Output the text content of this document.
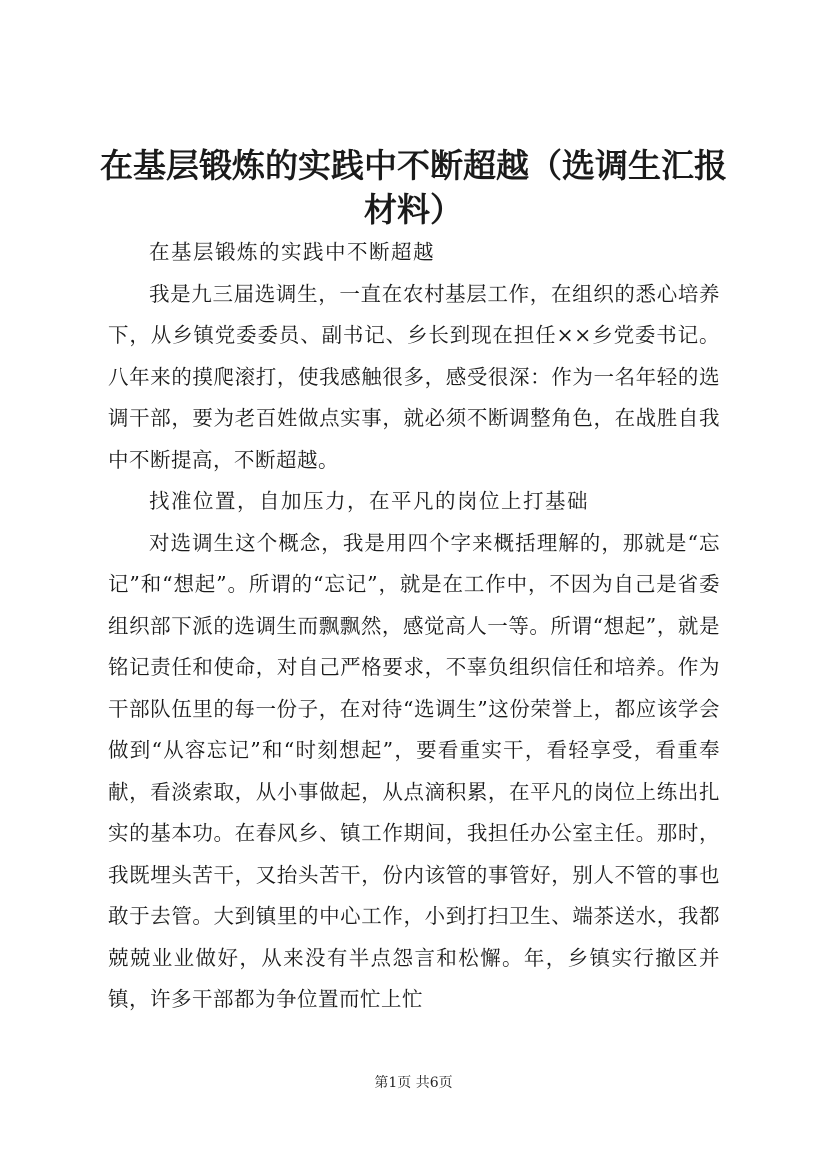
在基层锻炼的实践中不断超越（选调生汇报材料）

在基层锻炼的实践中不断超越

我是九三届选调生，一直在农村基层工作，在组织的悉心培养下，从乡镇党委委员、副书记、乡长到现在担任××乡党委书记。八年来的摸爬滚打，使我感触很多，感受很深：作为一名年轻的选调干部，要为老百姓做点实事，就必须不断调整角色，在战胜自我中不断提高，不断超越。

找准位置，自加压力，在平凡的岗位上打基础

对选调生这个概念，我是用四个字来概括理解的，那就是“忘记”和“想起”。所谓的“忘记”，就是在工作中，不因为自己是省委组织部下派的选调生而飘飘然，感觉高人一等。所谓“想起”，就是铭记责任和使命，对自己严格要求，不辜负组织信任和培养。作为干部队伍里的每一份子，在对待“选调生”这份荣誉上，都应该学会做到“从容忘记”和“时刻想起”，要看重实干，看轻享受，看重奉献，看淡索取，从小事做起，从点滴积累，在平凡的岗位上练出扎实的基本功。在春风乡、镇工作期间，我担任办公室主任。那时，我既埋头苦干，又抬头苦干，份内该管的事管好，别人不管的事也敢于去管。大到镇里的中心工作，小到打扫卫生、端茶送水，我都兢兢业业做好，从来没有半点怨言和松懈。年，乡镇实行撤区并镇，许多干部都为争位置而忙上忙

第1页 共6页
